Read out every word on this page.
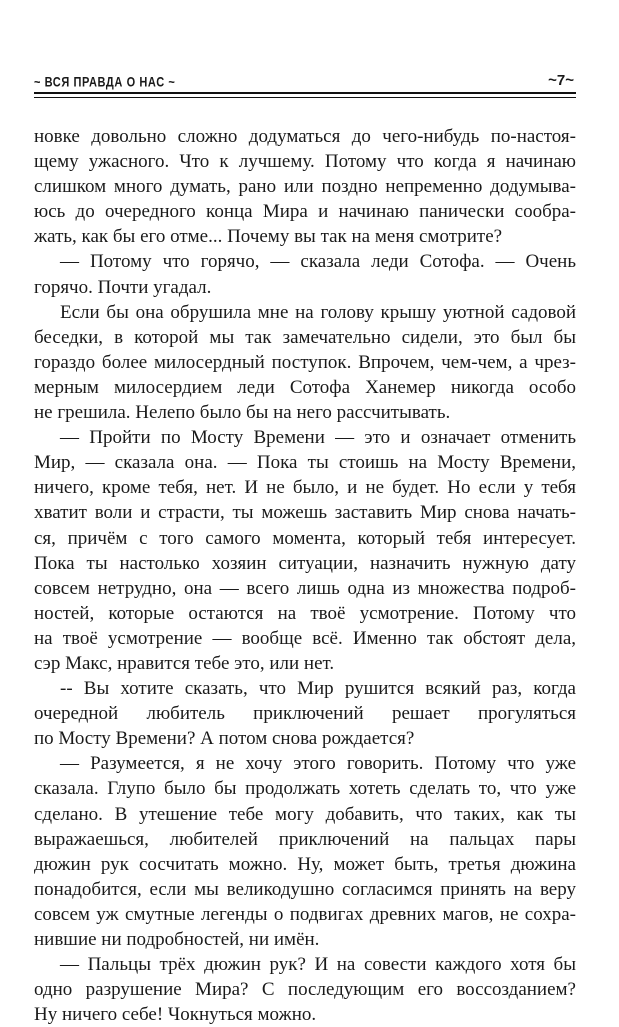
~ ВСЯ ПРАВДА О НАС ~	~7~
новке довольно сложно додуматься до чего-нибудь по-настоя-
щему ужасного. Что к лучшему. Потому что когда я начинаю
слишком много думать, рано или поздно непременно додумыва-
юсь до очередного конца Мира и начинаю панически сообра-
жать, как бы его отме... Почему вы так на меня смотрите?
— Потому что горячо, — сказала леди Сотофа. — Очень
горячо. Почти угадал.
Если бы она обрушила мне на голову крышу уютной садовой
беседки, в которой мы так замечательно сидели, это был бы
гораздо более милосердный поступок. Впрочем, чем-чем, а чрез-
мерным милосердием леди Сотофа Ханемер никогда особо
не грешила. Нелепо было бы на него рассчитывать.
— Пройти по Мосту Времени — это и означает отменить
Мир, — сказала она. — Пока ты стоишь на Мосту Времени,
ничего, кроме тебя, нет. И не было, и не будет. Но если у тебя
хватит воли и страсти, ты можешь заставить Мир снова начать-
ся, причём с того самого момента, который тебя интересует.
Пока ты настолько хозяин ситуации, назначить нужную дату
совсем нетрудно, она — всего лишь одна из множества подроб-
ностей, которые остаются на твоё усмотрение. Потому что
на твоё усмотрение — вообще всё. Именно так обстоят дела,
сэр Макс, нравится тебе это, или нет.
-- Вы хотите сказать, что Мир рушится всякий раз, когда
очередной любитель приключений решает прогуляться
по Мосту Времени? А потом снова рождается?
— Разумеется, я не хочу этого говорить. Потому что уже
сказала. Глупо было бы продолжать хотеть сделать то, что уже
сделано. В утешение тебе могу добавить, что таких, как ты
выражаешься, любителей приключений на пальцах пары
дюжин рук сосчитать можно. Ну, может быть, третья дюжина
понадобится, если мы великодушно согласимся принять на веру
совсем уж смутные легенды о подвигах древних магов, не сохра-
нившие ни подробностей, ни имён.
— Пальцы трёх дюжин рук? И на совести каждого хотя бы
одно разрушение Мира? С последующим его воссозданием?
Ну ничего себе! Чокнуться можно.
